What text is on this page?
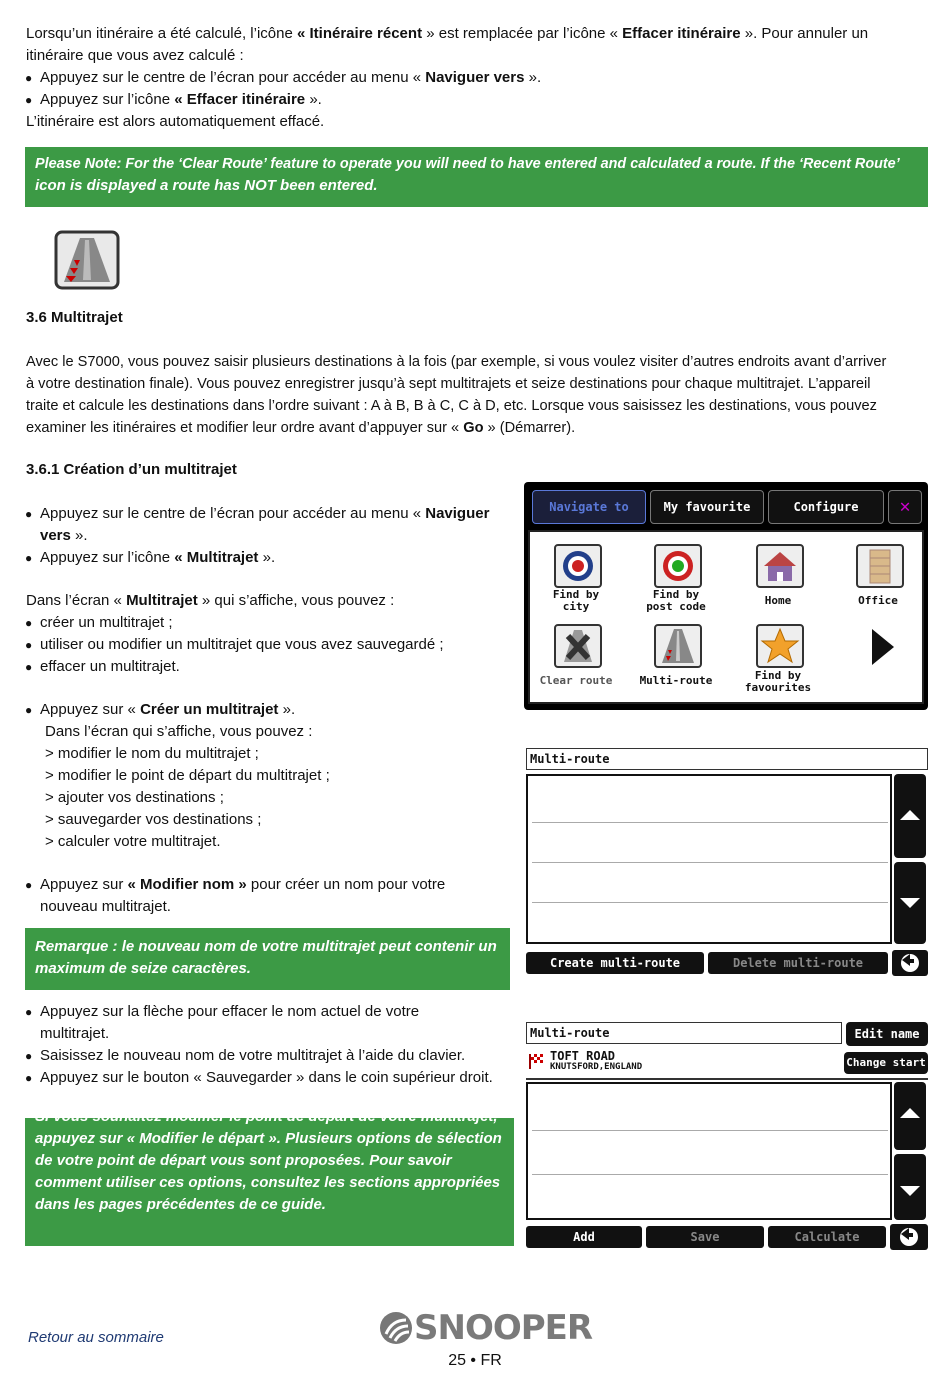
Lorsqu’un itinéraire a été calculé, l’icône « Itinéraire récent » est remplacée par l’icône « Effacer itinéraire ». Pour annuler un
itinéraire que vous avez calculé :
● Appuyez sur le centre de l’écran pour accéder au menu « Naviguer vers ».
● Appuyez sur l’icône « Effacer itinéraire ».
L’itinéraire est alors automatiquement effacé.
Please Note: For the ‘Clear Route’ feature to operate you will need to have entered and calculated a route. If the ‘Recent Route’
icon is displayed a route has NOT been entered.
3.6 Multitrajet
Avec le S7000, vous pouvez saisir plusieurs destinations à la fois (par exemple, si vous voulez visiter d’autres endroits avant d’arriver
à votre destination finale). Vous pouvez enregistrer jusqu’à sept multitrajets et seize destinations pour chaque multitrajet. L’appareil
traite et calcule les destinations dans l’ordre suivant : A à B, B à C, C à D, etc. Lorsque vous saisissez les destinations, vous pouvez
examiner les itinéraires et modifier leur ordre avant d’appuyer sur « Go » (Démarrer).
3.6.1 Création d’un multitrajet
● Appuyez sur le centre de l’écran pour accéder au menu « Naviguer
vers ».
● Appuyez sur l’icône « Multitrajet ».
Dans l’écran « Multitrajet » qui s’affiche, vous pouvez :
● créer un multitrajet ;
● utiliser ou modifier un multitrajet que vous avez sauvegardé ;
● effacer un multitrajet.
● Appuyez sur « Créer un multitrajet ».
Dans l’écran qui s’affiche, vous pouvez :
> modifier le nom du multitrajet ;
> modifier le point de départ du multitrajet ;
> ajouter vos destinations ;
> sauvegarder vos destinations ;
> calculer votre multitrajet.
● Appuyez sur « Modifier nom » pour créer un nom pour votre
nouveau multitrajet.
Remarque : le nouveau nom de votre multitrajet peut contenir un
maximum de seize caractères.
● Appuyez sur la flèche pour effacer le nom actuel de votre
multitrajet.
● Saisissez le nouveau nom de votre multitrajet à l’aide du clavier.
● Appuyez sur le bouton « Sauvegarder » dans le coin supérieur droit.
Si vous souhaitez modifier le point de départ de votre multitrajet,
appuyez sur « Modifier le départ ». Plusieurs options de sélection
de votre point de départ vous sont proposées. Pour savoir
comment utiliser ces options, consultez les sections appropriées
dans les pages précédentes de ce guide.
Navigate to	My favourite	Configure	✕
Find by
city
Find by
post code	Home	Office
Clear route	Multi-route	Find by
favourites
Multi-route
Create multi-route	Delete multi-route
Multi-route	Edit name
TOFT ROAD
KNUTSFORD,ENGLAND	Change start
Add	Save	Calculate
Retour au sommaire	SNOOPER
25 • FR
